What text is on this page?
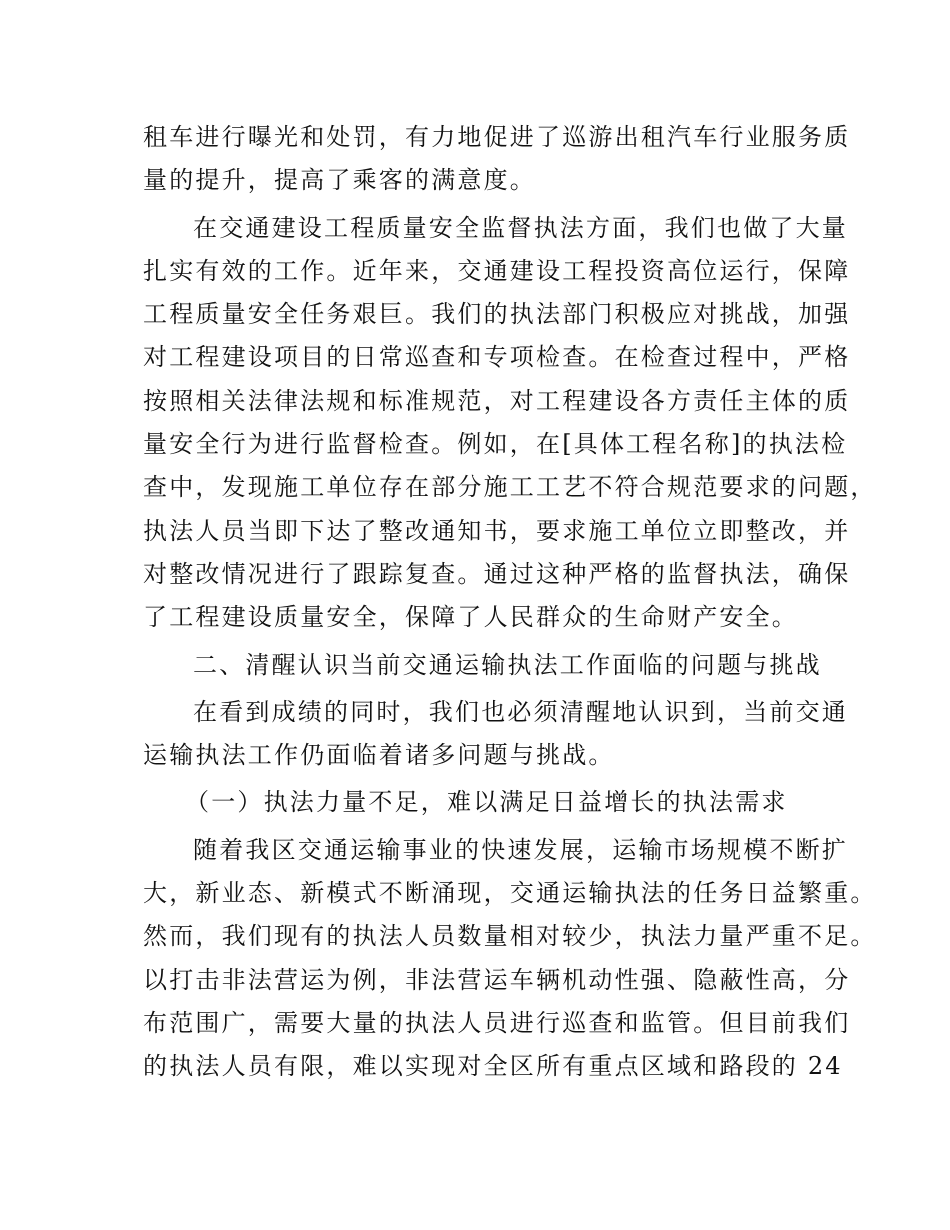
租车进行曝光和处罚，有力地促进了巡游出租汽车行业服务质
量的提升，提高了乘客的满意度。
在交通建设工程质量安全监督执法方面，我们也做了大量
扎实有效的工作。近年来，交通建设工程投资高位运行，保障
工程质量安全任务艰巨。我们的执法部门积极应对挑战，加强
对工程建设项目的日常巡查和专项检查。在检查过程中，严格
按照相关法律法规和标准规范，对工程建设各方责任主体的质
量安全行为进行监督检查。例如，在[具体工程名称]的执法检
查中，发现施工单位存在部分施工工艺不符合规范要求的问题，
执法人员当即下达了整改通知书，要求施工单位立即整改，并
对整改情况进行了跟踪复查。通过这种严格的监督执法，确保
了工程建设质量安全，保障了人民群众的生命财产安全。
二、清醒认识当前交通运输执法工作面临的问题与挑战
在看到成绩的同时，我们也必须清醒地认识到，当前交通
运输执法工作仍面临着诸多问题与挑战。
（一）执法力量不足，难以满足日益增长的执法需求
随着我区交通运输事业的快速发展，运输市场规模不断扩
大，新业态、新模式不断涌现，交通运输执法的任务日益繁重。
然而，我们现有的执法人员数量相对较少，执法力量严重不足。
以打击非法营运为例，非法营运车辆机动性强、隐蔽性高，分
布范围广，需要大量的执法人员进行巡查和监管。但目前我们
的执法人员有限，难以实现对全区所有重点区域和路段的 24
